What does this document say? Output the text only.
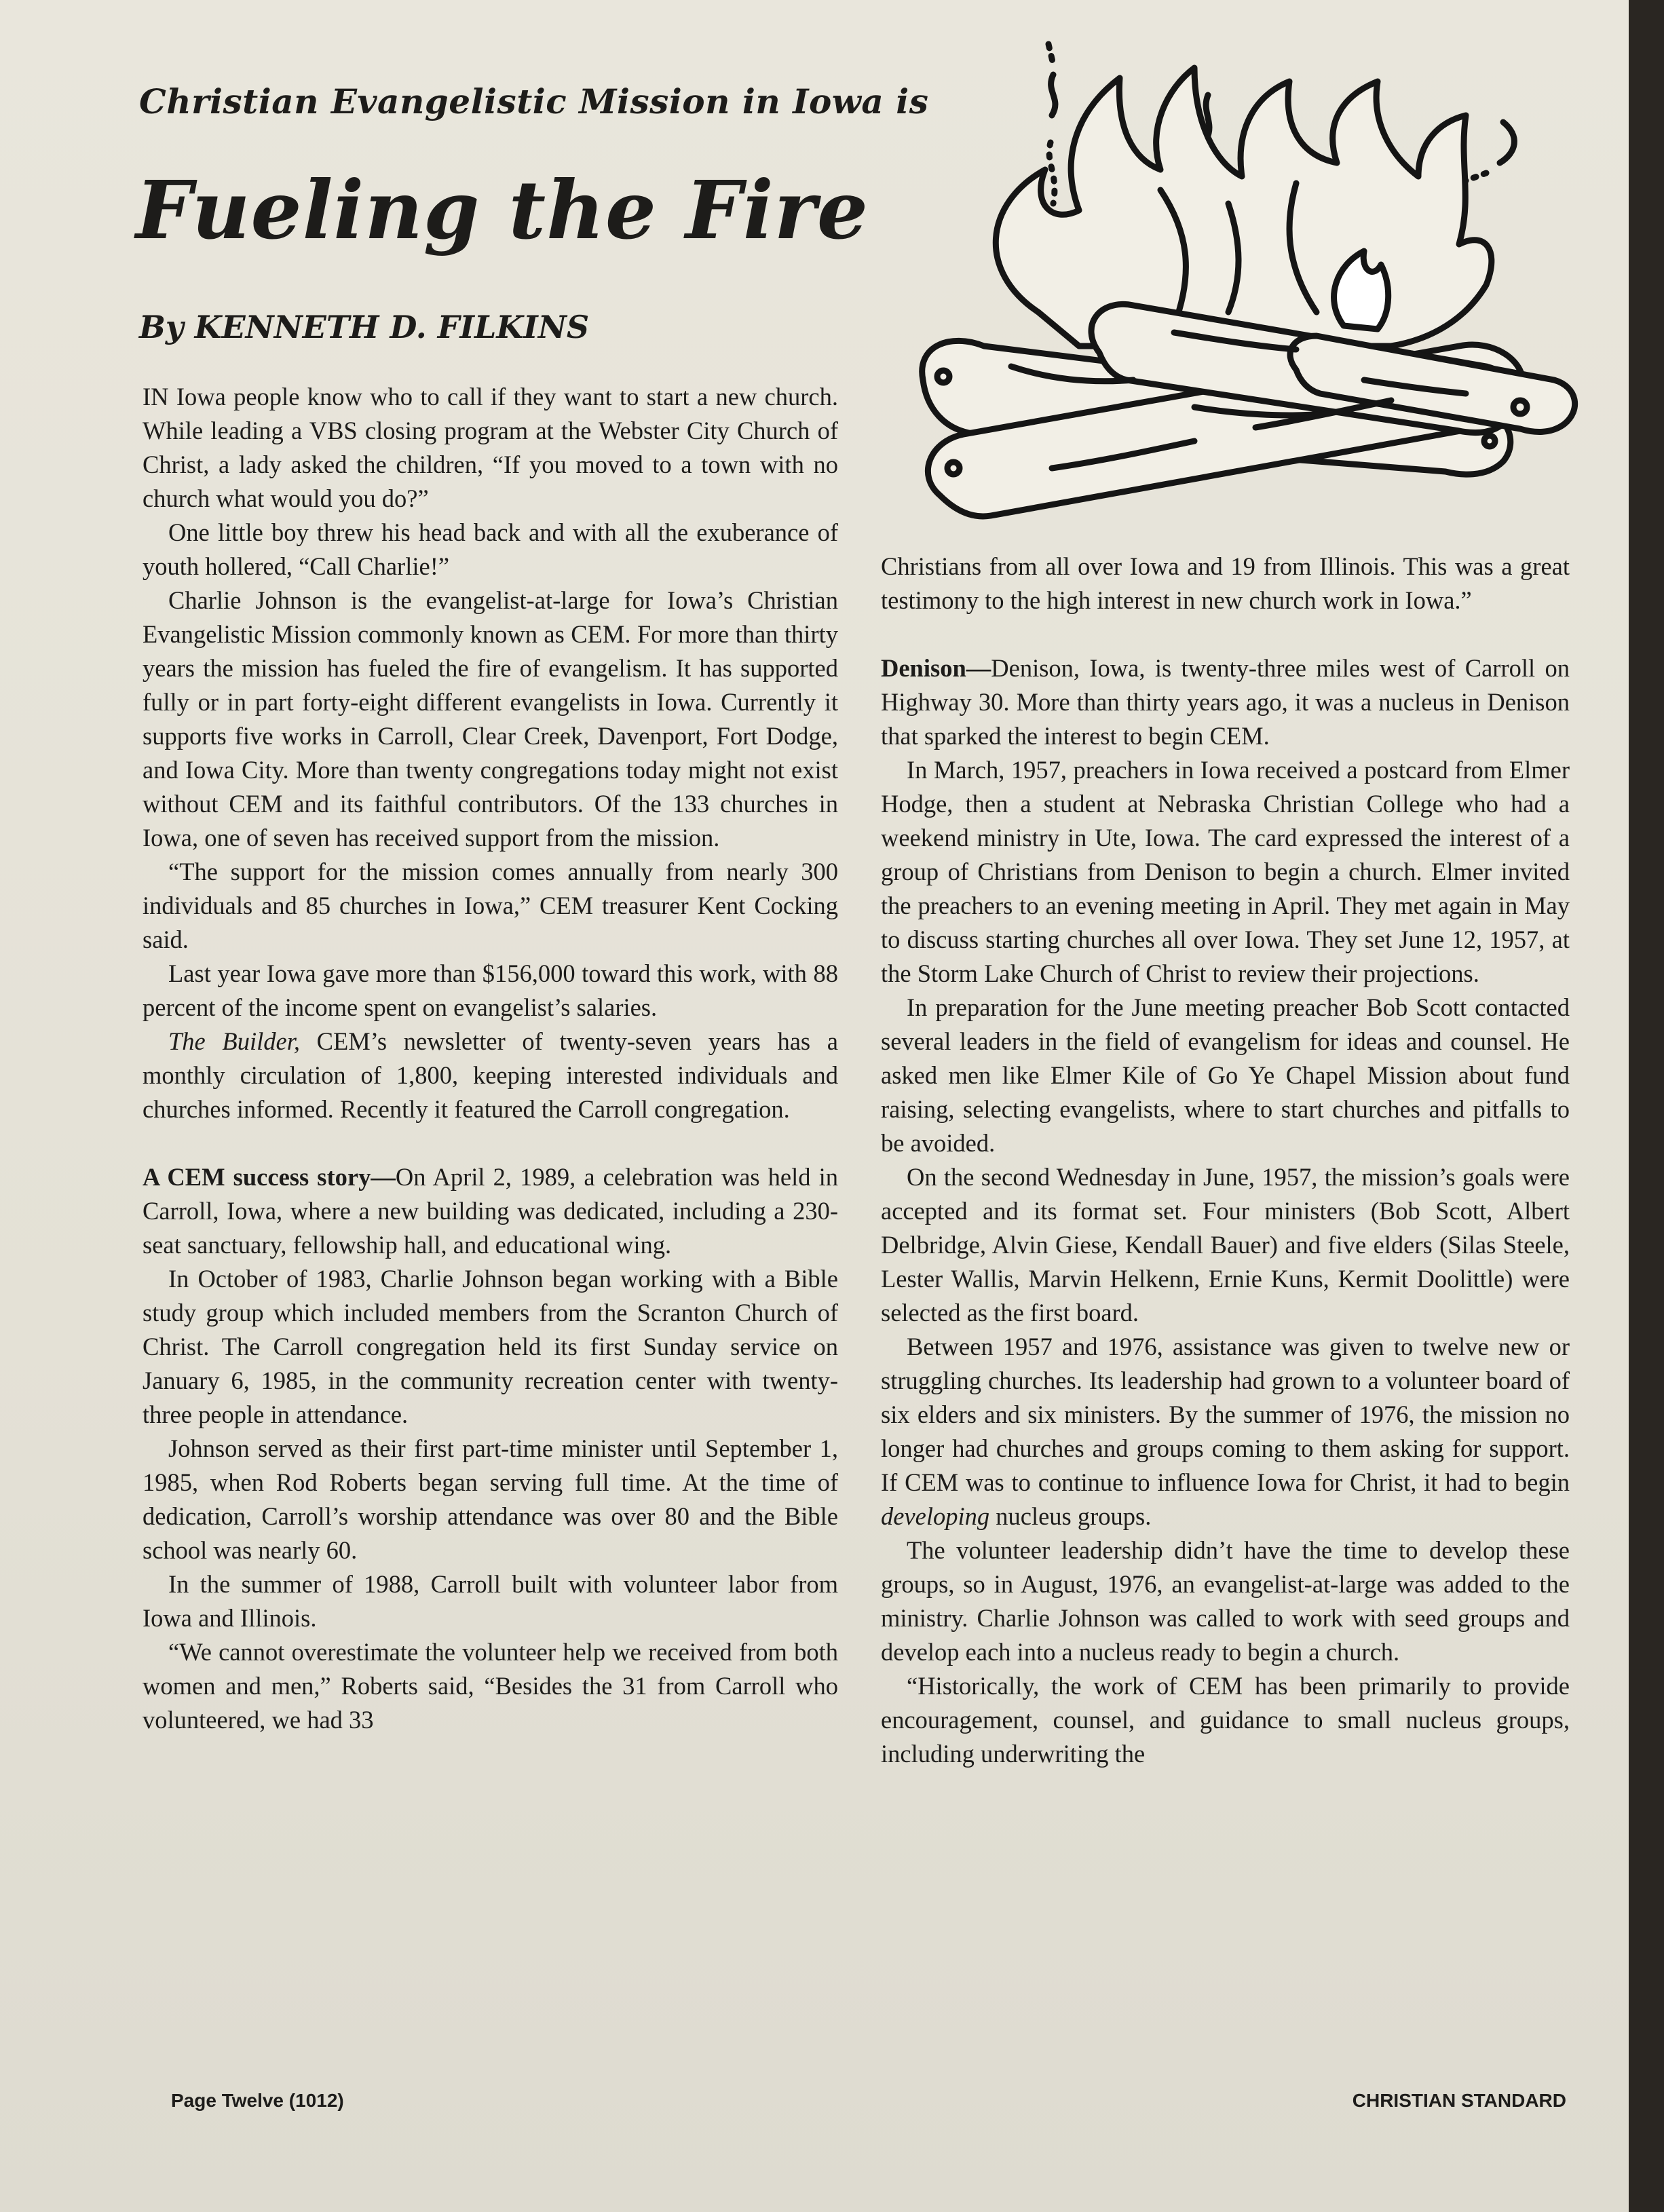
Christian Evangelistic Mission in Iowa is
Fueling the Fire
By KENNETH D. FILKINS

IN Iowa people know who to call if they want to start a new church. While leading a VBS closing program at the Webster City Church of Christ, a lady asked the children, “If you moved to a town with no church what would you do?”

One little boy threw his head back and with all the exuberance of youth hollered, “Call Charlie!”

Charlie Johnson is the evangelist-at-large for Iowa’s Christian Evangelistic Mission commonly known as CEM. For more than thirty years the mission has fueled the fire of evangelism. It has supported fully or in part forty-eight different evangelists in Iowa. Currently it supports five works in Carroll, Clear Creek, Davenport, Fort Dodge, and Iowa City. More than twenty congregations today might not exist without CEM and its faithful contributors. Of the 133 churches in Iowa, one of seven has received support from the mission.

“The support for the mission comes annually from nearly 300 individuals and 85 churches in Iowa,” CEM treasurer Kent Cocking said.

Last year Iowa gave more than $156,000 toward this work, with 88 percent of the income spent on evangelist’s salaries.

The Builder, CEM’s newsletter of twenty-seven years has a monthly circulation of 1,800, keeping interested individuals and churches informed. Recently it featured the Carroll congregation.

A CEM success story—On April 2, 1989, a celebration was held in Carroll, Iowa, where a new building was dedicated, including a 230-seat sanctuary, fellowship hall, and educational wing.

In October of 1983, Charlie Johnson began working with a Bible study group which included members from the Scranton Church of Christ. The Carroll congregation held its first Sunday service on January 6, 1985, in the community recreation center with twenty-three people in attendance.

Johnson served as their first part-time minister until September 1, 1985, when Rod Roberts began serving full time. At the time of dedication, Carroll’s worship attendance was over 80 and the Bible school was nearly 60.

In the summer of 1988, Carroll built with volunteer labor from Iowa and Illinois.

“We cannot overestimate the volunteer help we received from both women and men,” Roberts said, “Besides the 31 from Carroll who volunteered, we had 33

Christians from all over Iowa and 19 from Illinois. This was a great testimony to the high interest in new church work in Iowa.”

Denison—Denison, Iowa, is twenty-three miles west of Carroll on Highway 30. More than thirty years ago, it was a nucleus in Denison that sparked the interest to begin CEM.

In March, 1957, preachers in Iowa received a postcard from Elmer Hodge, then a student at Nebraska Christian College who had a weekend ministry in Ute, Iowa. The card expressed the interest of a group of Christians from Denison to begin a church. Elmer invited the preachers to an evening meeting in April. They met again in May to discuss starting churches all over Iowa. They set June 12, 1957, at the Storm Lake Church of Christ to review their projections.

In preparation for the June meeting preacher Bob Scott contacted several leaders in the field of evangelism for ideas and counsel. He asked men like Elmer Kile of Go Ye Chapel Mission about fund raising, selecting evangelists, where to start churches and pitfalls to be avoided.

On the second Wednesday in June, 1957, the mission’s goals were accepted and its format set. Four ministers (Bob Scott, Albert Delbridge, Alvin Giese, Kendall Bauer) and five elders (Silas Steele, Lester Wallis, Marvin Helkenn, Ernie Kuns, Kermit Doolittle) were selected as the first board.

Between 1957 and 1976, assistance was given to twelve new or struggling churches. Its leadership had grown to a volunteer board of six elders and six ministers. By the summer of 1976, the mission no longer had churches and groups coming to them asking for support. If CEM was to continue to influence Iowa for Christ, it had to begin developing nucleus groups.

The volunteer leadership didn’t have the time to develop these groups, so in August, 1976, an evangelist-at-large was added to the ministry. Charlie Johnson was called to work with seed groups and develop each into a nucleus ready to begin a church.

“Historically, the work of CEM has been primarily to provide encouragement, counsel, and guidance to small nucleus groups, including underwriting the

Page Twelve (1012)	CHRISTIAN STANDARD
